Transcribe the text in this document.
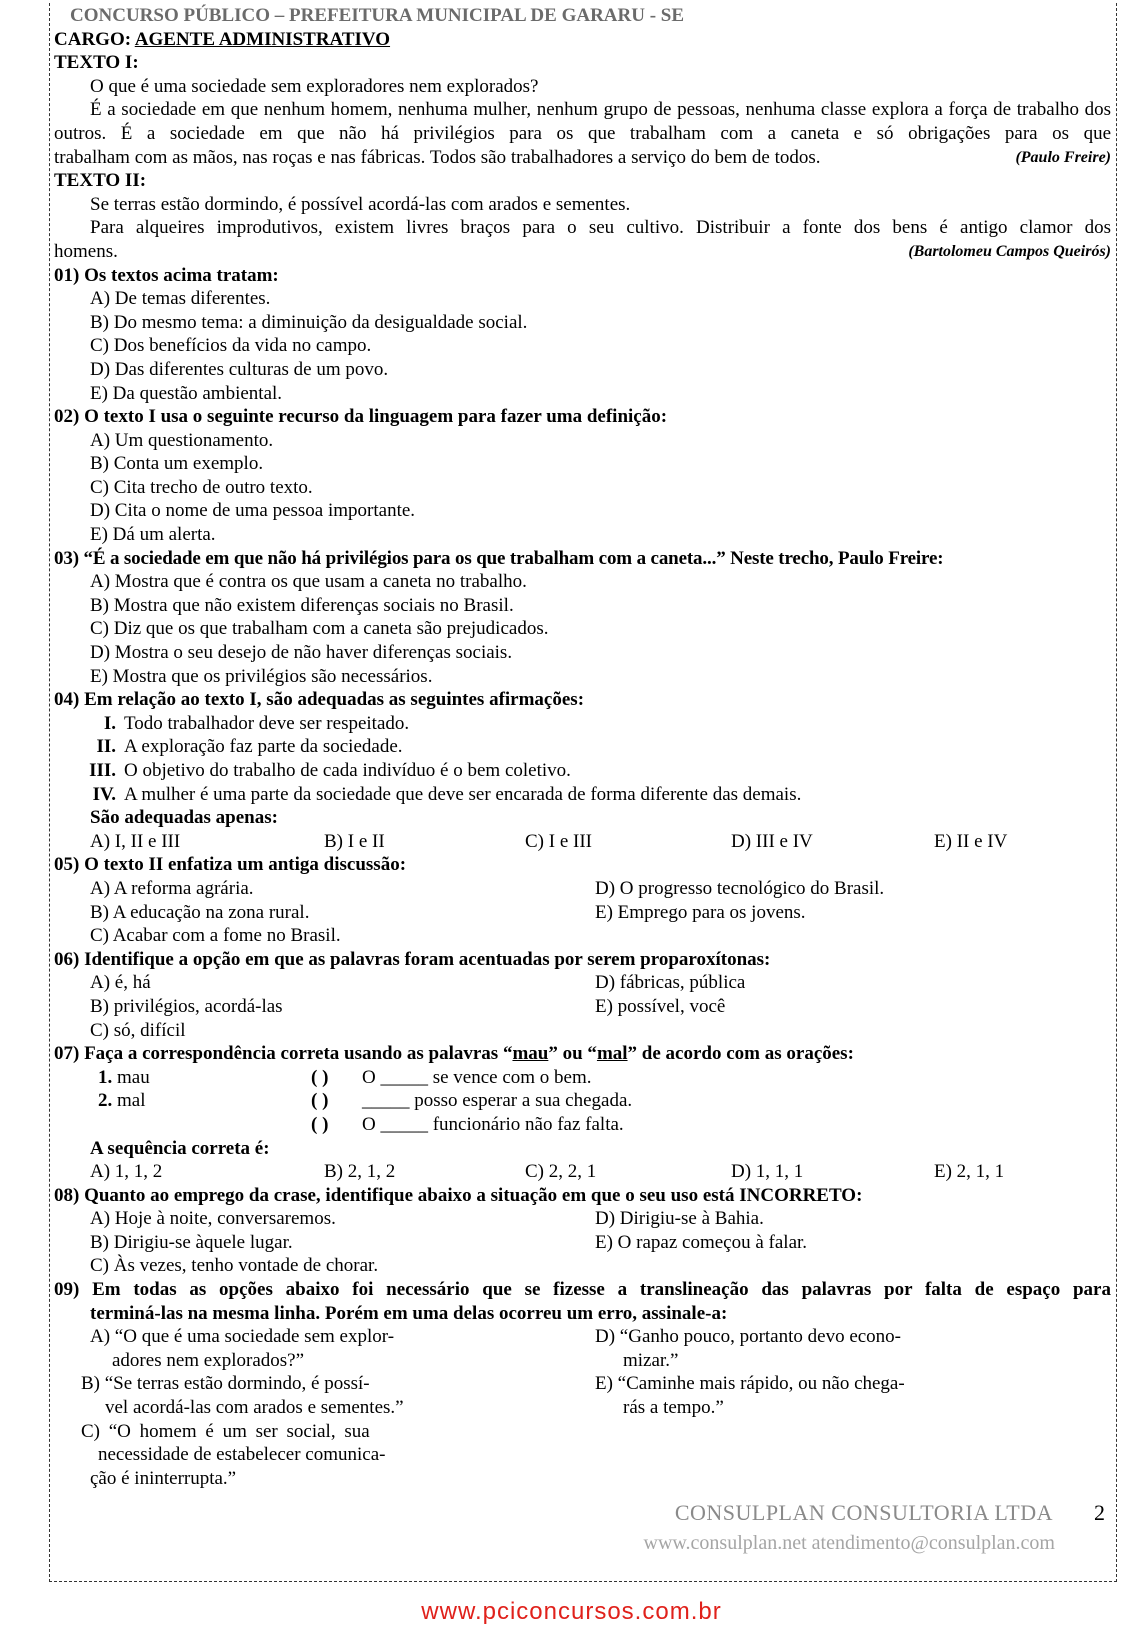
CONCURSO PÚBLICO – PREFEITURA MUNICIPAL DE GARARU - SE
CARGO: AGENTE ADMINISTRATIVO
TEXTO I:
O que é uma sociedade sem exploradores nem explorados?
É a sociedade em que nenhum homem, nenhuma mulher, nenhum grupo de pessoas, nenhuma classe explora a força de trabalho dos outros. É a sociedade em que não há privilégios para os que trabalham com a caneta e só obrigações para os que
trabalham com as mãos, nas roças e nas fábricas. Todos são trabalhadores a serviço do bem de todos.	(Paulo Freire)
TEXTO II:
Se terras estão dormindo, é possível acordá-las com arados e sementes.
Para alqueires improdutivos, existem livres braços para o seu cultivo. Distribuir a fonte dos bens é antigo clamor dos
homens.	(Bartolomeu Campos Queirós)
01) Os textos acima tratam:
A) De temas diferentes.
B) Do mesmo tema: a diminuição da desigualdade social.
C) Dos benefícios da vida no campo.
D) Das diferentes culturas de um povo.
E) Da questão ambiental.
02) O texto I usa o seguinte recurso da linguagem para fazer uma definição:
A) Um questionamento.
B) Conta um exemplo.
C) Cita trecho de outro texto.
D) Cita o nome de uma pessoa importante.
E) Dá um alerta.
03) “É a sociedade em que não há privilégios para os que trabalham com a caneta...” Neste trecho, Paulo Freire:
A) Mostra que é contra os que usam a caneta no trabalho.
B) Mostra que não existem diferenças sociais no Brasil.
C) Diz que os que trabalham com a caneta são prejudicados.
D) Mostra o seu desejo de não haver diferenças sociais.
E) Mostra que os privilégios são necessários.
04) Em relação ao texto I, são adequadas as seguintes afirmações:
I. Todo trabalhador deve ser respeitado.
II. A exploração faz parte da sociedade.
III. O objetivo do trabalho de cada indivíduo é o bem coletivo.
IV. A mulher é uma parte da sociedade que deve ser encarada de forma diferente das demais.
São adequadas apenas:
A) I, II e III	B) I e II	C) I e III	D) III e IV	E) II e IV
05) O texto II enfatiza um antiga discussão:
A) A reforma agrária.	D) O progresso tecnológico do Brasil.
B) A educação na zona rural.	E) Emprego para os jovens.
C) Acabar com a fome no Brasil.
06) Identifique a opção em que as palavras foram acentuadas por serem proparoxítonas:
A) é, há	D) fábricas, pública
B) privilégios, acordá-las	E) possível, você
C) só, difícil
07) Faça a correspondência correta usando as palavras “mau” ou “mal” de acordo com as orações:
1. mau	( ) O _____ se vence com o bem.
2. mal	( ) _____ posso esperar a sua chegada.
( ) O _____ funcionário não faz falta.
A sequência correta é:
A) 1, 1, 2	B) 2, 1, 2	C) 2, 2, 1	D) 1, 1, 1	E) 2, 1, 1
08) Quanto ao emprego da crase, identifique abaixo a situação em que o seu uso está INCORRETO:
A) Hoje à noite, conversaremos.	D) Dirigiu-se à Bahia.
B) Dirigiu-se àquele lugar.	E) O rapaz começou à falar.
C) Às vezes, tenho vontade de chorar.
09) Em todas as opções abaixo foi necessário que se fizesse a translineação das palavras por falta de espaço para
terminá-las na mesma linha. Porém em uma delas ocorreu um erro, assinale-a:
A) “O que é uma sociedade sem explor-	D) “Ganho pouco, portanto devo econo-
adores nem explorados?”	mizar.”
B) “Se terras estão dormindo, é possí-	E) “Caminhe mais rápido, ou não chega-
vel acordá-las com arados e sementes.”	rás a tempo.”
C) “O homem é um ser social, sua
necessidade de estabelecer comunica-
ção é ininterrupta.”
CONSULPLAN CONSULTORIA LTDA 2
www.consulplan.net atendimento@consulplan.com
www.pciconcursos.com.br
